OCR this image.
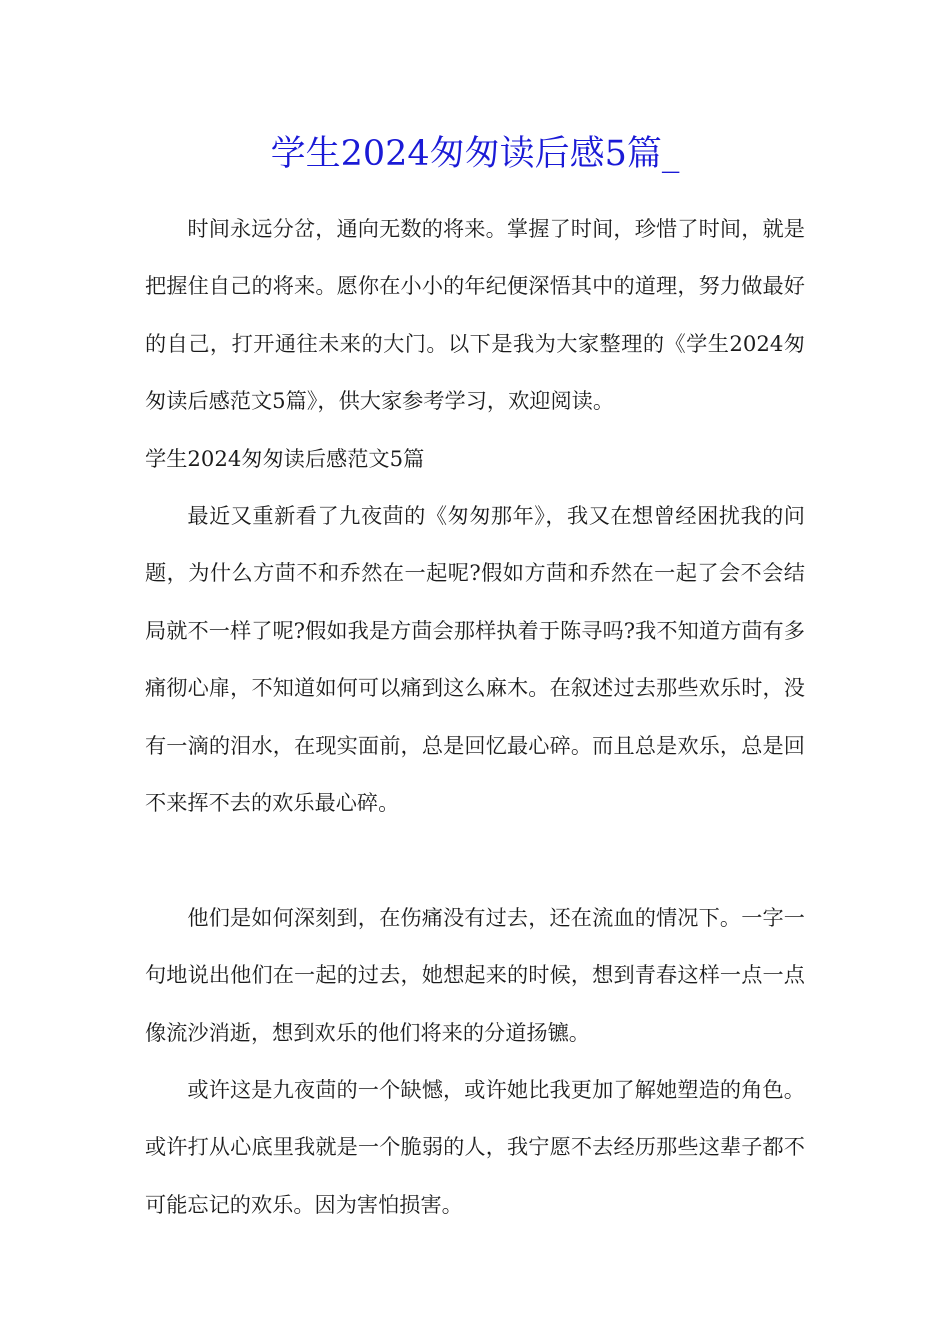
学生2024匆匆读后感5篇_

时间永远分岔，通向无数的将来。掌握了时间，珍惜了时间，就是把握住自己的将来。愿你在小小的年纪便深悟其中的道理，努力做最好的自己，打开通往未来的大门。以下是我为大家整理的《学生2024匆匆读后感范文5篇》，供大家参考学习，欢迎阅读。

学生2024匆匆读后感范文5篇

最近又重新看了九夜茴的《匆匆那年》，我又在想曾经困扰我的问题，为什么方茴不和乔然在一起呢?假如方茴和乔然在一起了会不会结局就不一样了呢?假如我是方茴会那样执着于陈寻吗?我不知道方茴有多痛彻心扉，不知道如何可以痛到这么麻木。在叙述过去那些欢乐时，没有一滴的泪水，在现实面前，总是回忆最心碎。而且总是欢乐，总是回不来挥不去的欢乐最心碎。

他们是如何深刻到，在伤痛没有过去，还在流血的情况下。一字一句地说出他们在一起的过去，她想起来的时候，想到青春这样一点一点像流沙消逝，想到欢乐的他们将来的分道扬镳。

或许这是九夜茴的一个缺憾，或许她比我更加了解她塑造的角色。或许打从心底里我就是一个脆弱的人，我宁愿不去经历那些这辈子都不可能忘记的欢乐。因为害怕损害。
